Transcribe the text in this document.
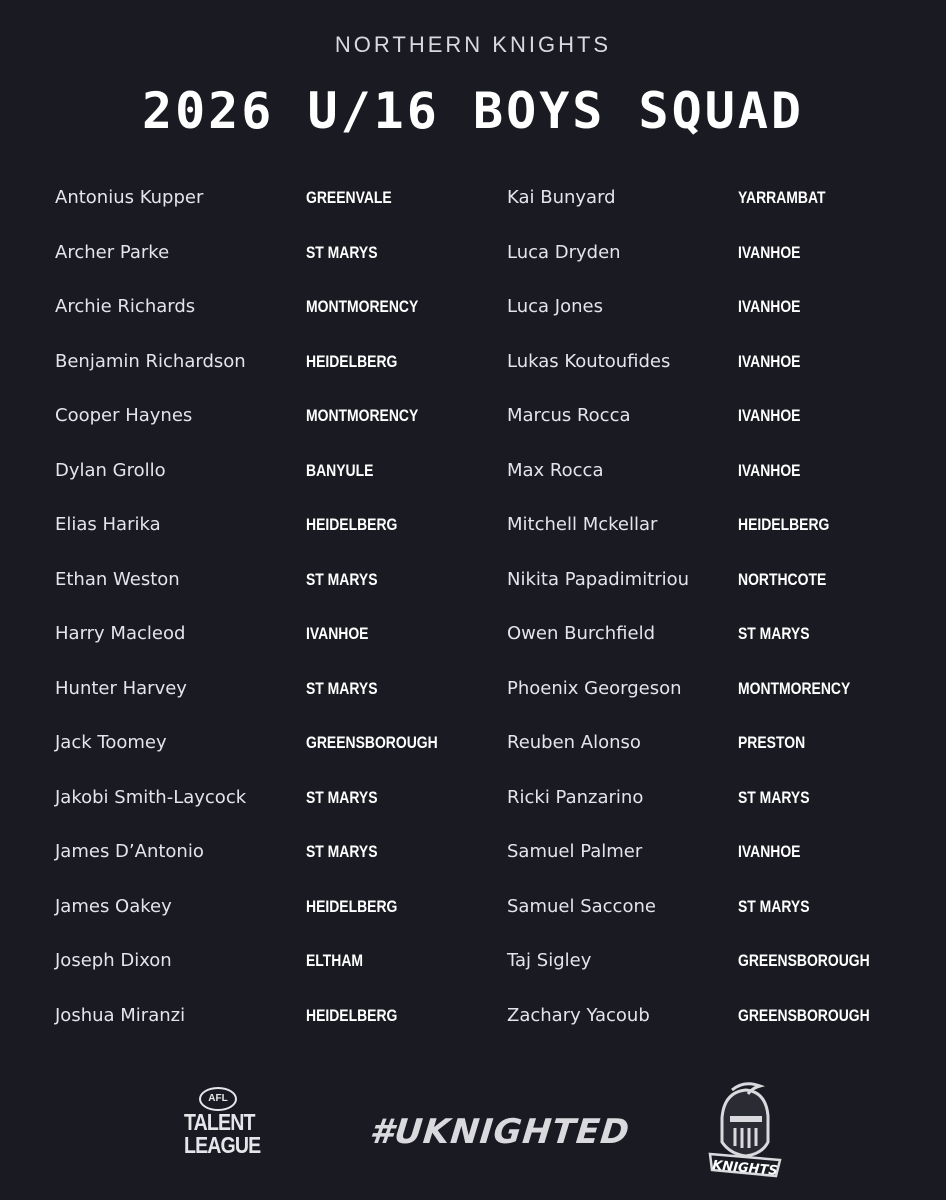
NORTHERN KNIGHTS
2026 U/16 BOYS SQUAD
Antonius Kupper	GREENVALE
Archer Parke	ST MARYS
Archie Richards	MONTMORENCY
Benjamin Richardson	HEIDELBERG
Cooper Haynes	MONTMORENCY
Dylan Grollo	BANYULE
Elias Harika	HEIDELBERG
Ethan Weston	ST MARYS
Harry Macleod	IVANHOE
Hunter Harvey	ST MARYS
Jack Toomey	GREENSBOROUGH
Jakobi Smith-Laycock	ST MARYS
James D’Antonio	ST MARYS
James Oakey	HEIDELBERG
Joseph Dixon	ELTHAM
Joshua Miranzi	HEIDELBERG
Kai Bunyard	YARRAMBAT
Luca Dryden	IVANHOE
Luca Jones	IVANHOE
Lukas Koutoufides	IVANHOE
Marcus Rocca	IVANHOE
Max Rocca	IVANHOE
Mitchell Mckellar	HEIDELBERG
Nikita Papadimitriou	NORTHCOTE
Owen Burchfield	ST MARYS
Phoenix Georgeson	MONTMORENCY
Reuben Alonso	PRESTON
Ricki Panzarino	ST MARYS
Samuel Palmer	IVANHOE
Samuel Saccone	ST MARYS
Taj Sigley	GREENSBOROUGH
Zachary Yacoub	GREENSBOROUGH
AFL
TALENT
LEAGUE	#UKNIGHTED
KNIGHTS
